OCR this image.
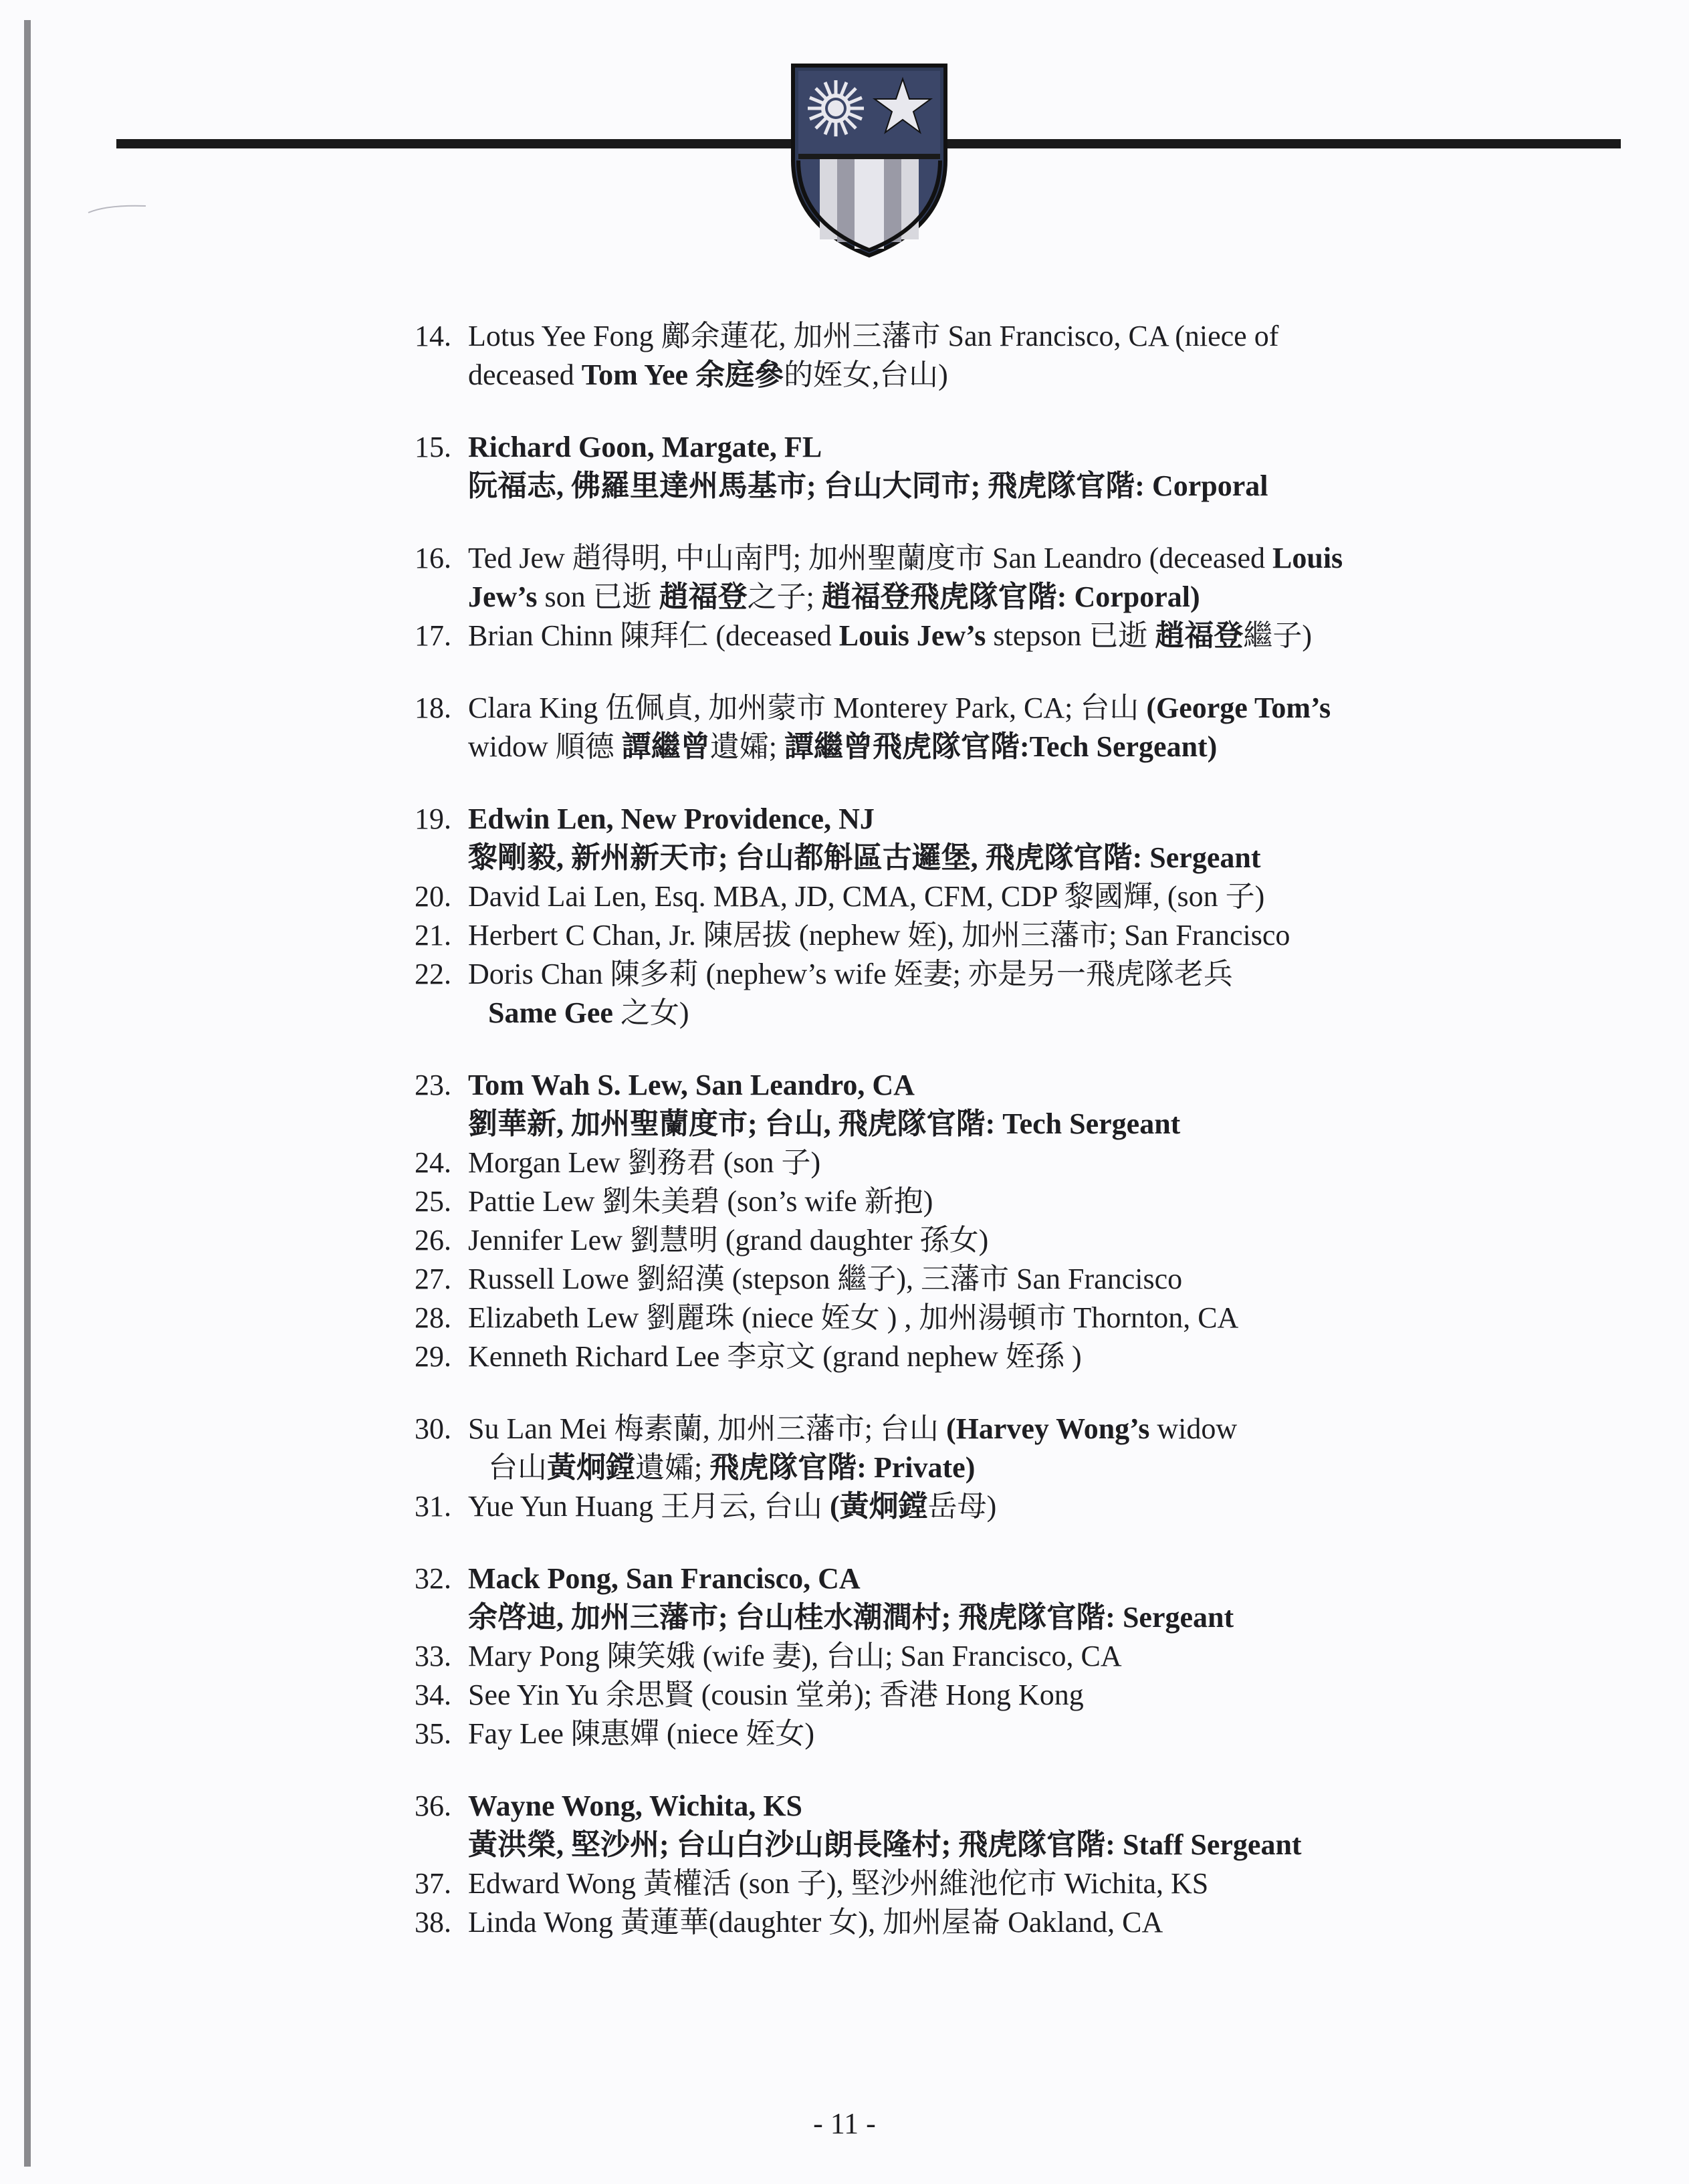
14. Lotus Yee Fong 鄺余蓮花, 加州三藩市 San Francisco, CA (niece of
deceased Tom Yee 余庭參的姪女,台山)
15. Richard Goon, Margate, FL
阮福志, 佛羅里達州馬基市; 台山大同市; 飛虎隊官階: Corporal
16. Ted Jew 趙得明, 中山南門; 加州聖蘭度市 San Leandro (deceased Louis
Jew’s son 已逝 趙福登之子; 趙福登飛虎隊官階: Corporal)
17. Brian Chinn 陳拜仁 (deceased Louis Jew’s stepson 已逝 趙福登繼子)
18. Clara King 伍佩貞, 加州蒙市 Monterey Park, CA; 台山 (George Tom’s
widow 順德 譚繼曾遺孀; 譚繼曾飛虎隊官階:Tech Sergeant)
19. Edwin Len, New Providence, NJ
黎剛毅, 新州新天市; 台山都斛區古邏堡, 飛虎隊官階: Sergeant
20. David Lai Len, Esq. MBA, JD, CMA, CFM, CDP 黎國輝, (son 子)
21. Herbert C Chan, Jr. 陳居拔 (nephew 姪), 加州三藩市; San Francisco
22. Doris Chan 陳多莉 (nephew’s wife 姪妻; 亦是另一飛虎隊老兵
Same Gee 之女)
23. Tom Wah S. Lew, San Leandro, CA
劉華新, 加州聖蘭度市; 台山, 飛虎隊官階: Tech Sergeant
24. Morgan Lew 劉務君 (son 子)
25. Pattie Lew 劉朱美碧 (son’s wife 新抱)
26. Jennifer Lew 劉慧明 (grand daughter 孫女)
27. Russell Lowe 劉紹漢 (stepson 繼子), 三藩市 San Francisco
28. Elizabeth Lew 劉麗珠 (niece 姪女 ) , 加州湯頓市 Thornton, CA
29. Kenneth Richard Lee 李京文 (grand nephew 姪孫 )
30. Su Lan Mei 梅素蘭, 加州三藩市; 台山 (Harvey Wong’s widow
台山黃炯鏜遺孀; 飛虎隊官階: Private)
31. Yue Yun Huang 王月云, 台山 (黃炯鏜岳母)
32. Mack Pong, San Francisco, CA
余啓迪, 加州三藩市; 台山桂水潮澗村; 飛虎隊官階: Sergeant
33. Mary Pong 陳笑娥 (wife 妻), 台山; San Francisco, CA
34. See Yin Yu 余思賢 (cousin 堂弟); 香港 Hong Kong
35. Fay Lee 陳惠嬋 (niece 姪女)
36. Wayne Wong, Wichita, KS
黃洪榮, 堅沙州; 台山白沙山朗長隆村; 飛虎隊官階: Staff Sergeant
37. Edward Wong 黃權活 (son 子), 堅沙州維池佗市 Wichita, KS
38. Linda Wong 黃蓮華(daughter 女), 加州屋崙 Oakland, CA
- 11 -
